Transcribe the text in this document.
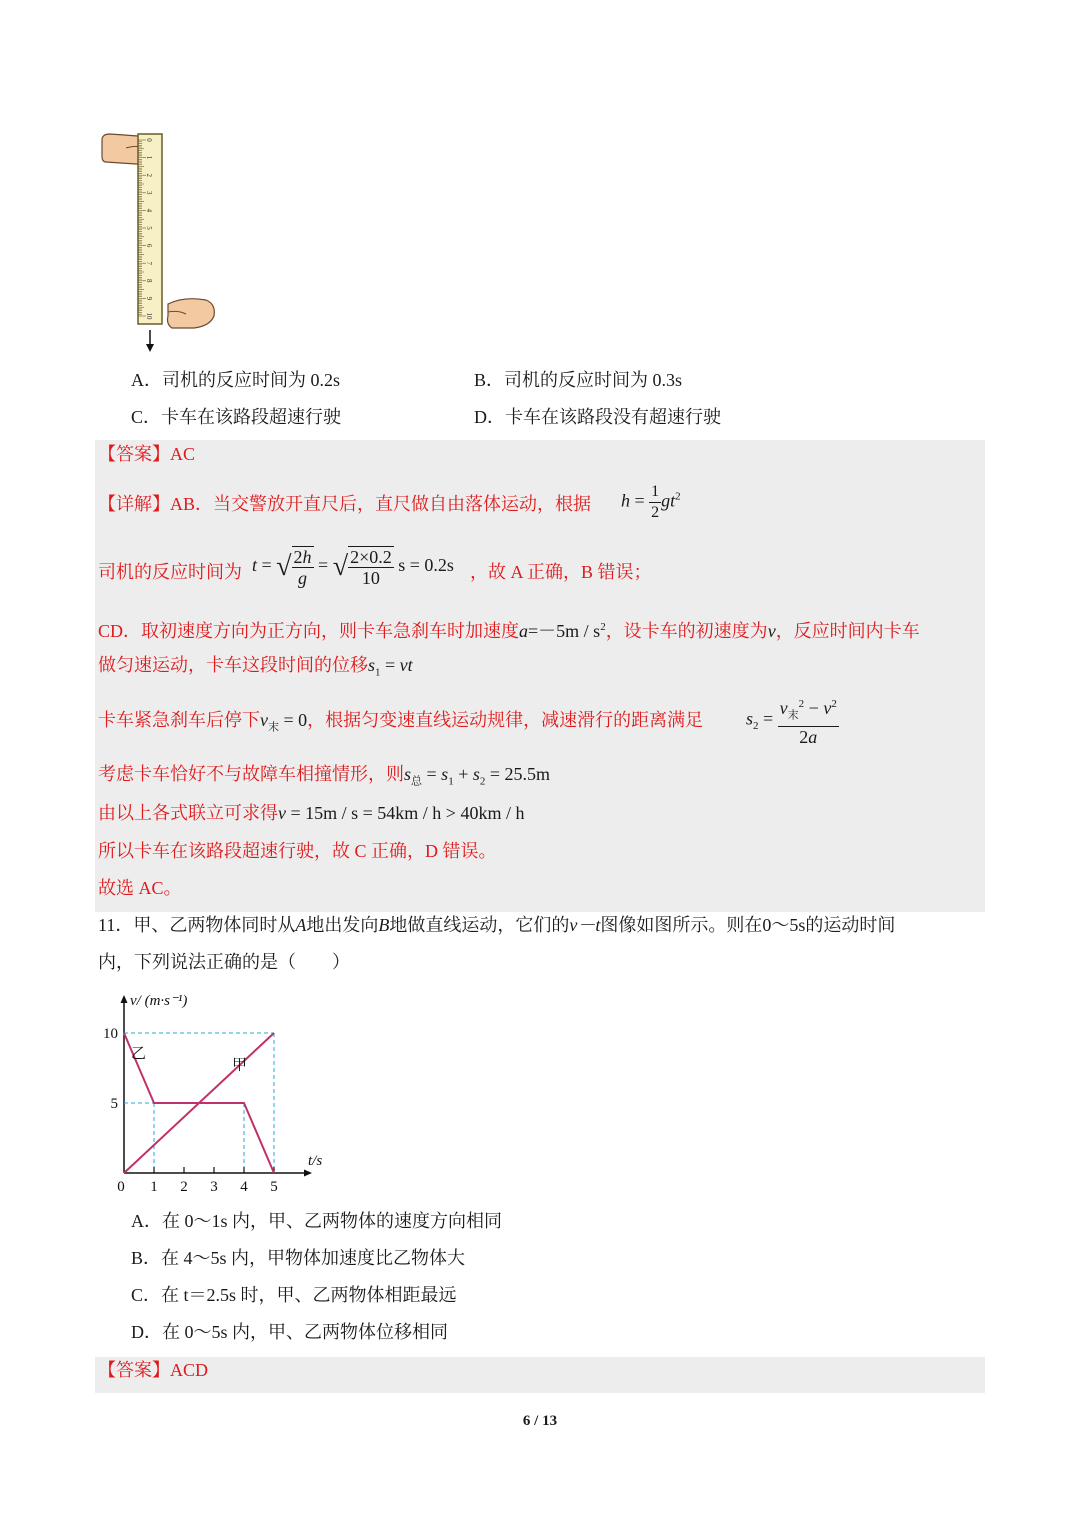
0
1
2
3
4
5
6
7
8
9
10
A．司机的反应时间为 0.2s	B．司机的反应时间为 0.3s
C．卡车在该路段超速行驶	D．卡车在该路段没有超速行驶
【答案】AC
【详解】AB．当交警放开直尺后，直尺做自由落体运动，根据 $h = \frac{1}{2} gt^2$
司机的反应时间为 t = √ $\frac{2h}{g}$ = √ $\frac{2\times 0.2}{10}$ s = 0.2s ，故 A 正确，B 错误；
CD．取初速度方向为正方向，则卡车急刹车时加速度$a=-5m / s^2$，设卡车的初速度为v，反应时间内卡车
做匀速运动，卡车这段时间的位移$s_1$ = vt
卡车紧急刹车后停下$v_末 = 0$，根据匀变速直线运动规律，减速滑行的距离满足 $s_2 = \frac{v_末^2 - v^2}{2a}$
考虑卡车恰好不与故障车相撞情形，则$s_总 = s_1 + s_2 = 25.5m$
由以上各式联立可求得v = 15m / s = 54km / h > 40km / h
所以卡车在该路段超速行驶，故 C 正确，D 错误。
故选 AC。
11．甲、乙两物体同时从A地出发向B地做直线运动，它们的v－t图像如图所示。则在0～5s的运动时间
内，下列说法正确的是（　　）
0 1 2 3 4 5
5
10
v/ (m·s⁻¹)
t/s
甲
乙
A．在 0～1s 内，甲、乙两物体的速度方向相同
B．在 4～5s 内，甲物体加速度比乙物体大
C．在 t＝2.5s 时，甲、乙两物体相距最远
D．在 0～5s 内，甲、乙两物体位移相同
【答案】ACD
6 / 13
